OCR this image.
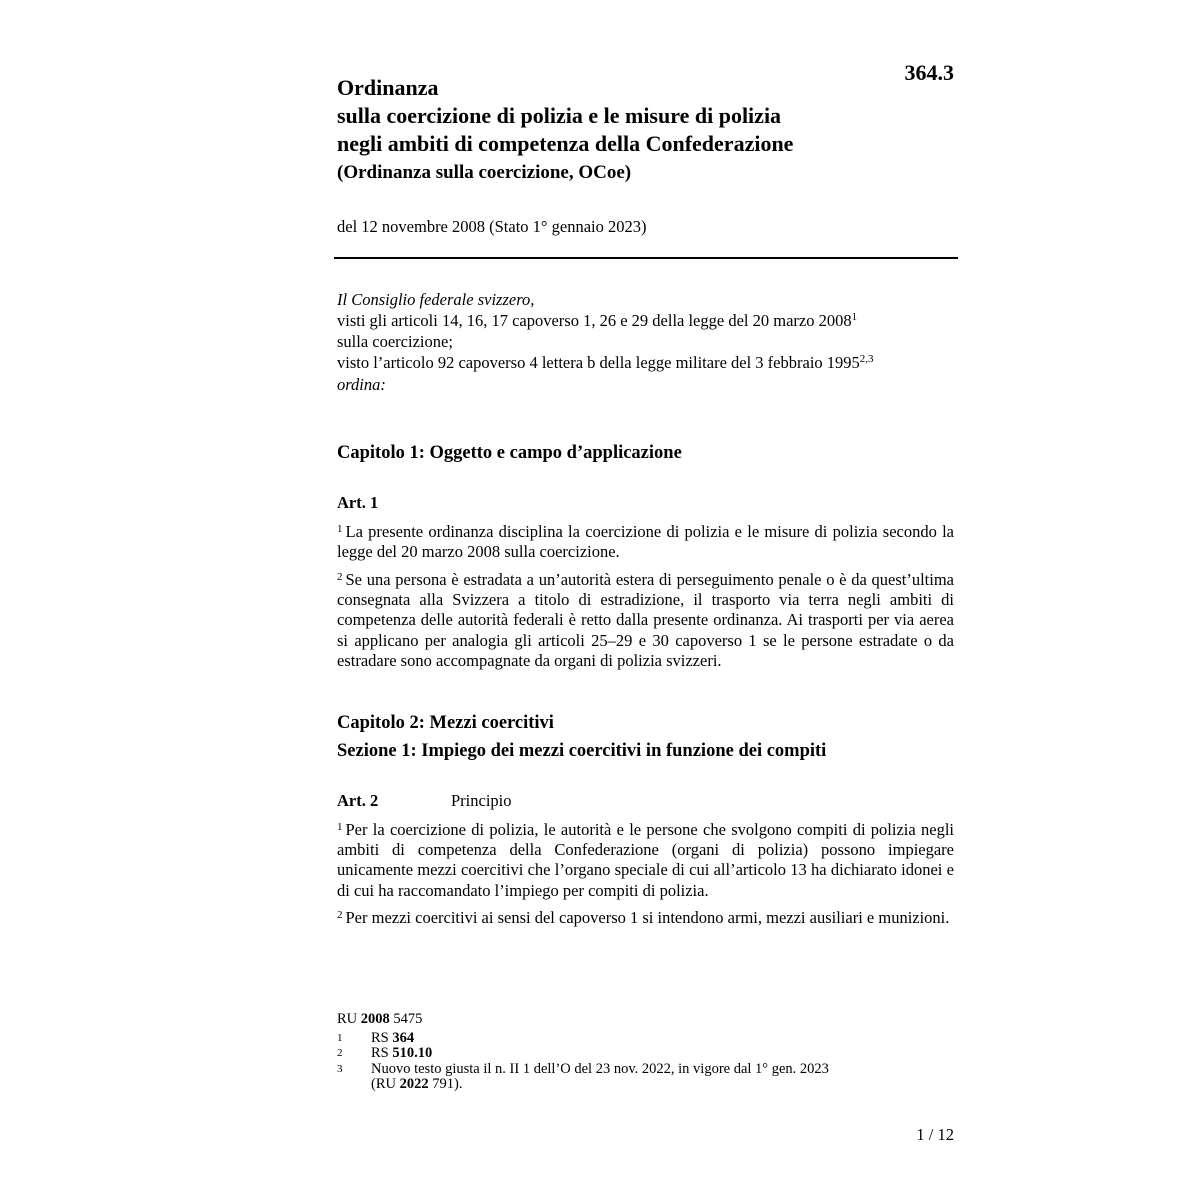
364.3
Ordinanza
sulla coercizione di polizia e le misure di polizia
negli ambiti di competenza della Confederazione
(Ordinanza sulla coercizione, OCoe)
del 12 novembre 2008 (Stato 1° gennaio 2023)
Il Consiglio federale svizzero,
visti gli articoli 14, 16, 17 capoverso 1, 26 e 29 della legge del 20 marzo 2008$^1$
sulla coercizione;
visto l’articolo 92 capoverso 4 lettera b della legge militare del 3 febbraio 1995$^{2,3}$
ordina:
Capitolo 1: Oggetto e campo d’applicazione
Art. 1
$^1$ La presente ordinanza disciplina la coercizione di polizia e le misure di polizia secondo la legge del 20 marzo 2008 sulla coercizione.
$^2$ Se una persona è estradata a un’autorità estera di perseguimento penale o è da quest’ultima consegnata alla Svizzera a titolo di estradizione, il trasporto via terra negli ambiti di competenza delle autorità federali è retto dalla presente ordinanza. Ai trasporti per via aerea si applicano per analogia gli articoli 25–29 e 30 capoverso 1 se le persone estradate o da estradare sono accompagnate da organi di polizia svizzeri.
Capitolo 2: Mezzi coercitivi
Sezione 1: Impiego dei mezzi coercitivi in funzione dei compiti
Art. 2	Principio
$^1$ Per la coercizione di polizia, le autorità e le persone che svolgono compiti di polizia negli ambiti di competenza della Confederazione (organi di polizia) possono impiegare unicamente mezzi coercitivi che l’organo speciale di cui all’articolo 13 ha dichiarato idonei e di cui ha raccomandato l’impiego per compiti di polizia.
$^2$ Per mezzi coercitivi ai sensi del capoverso 1 si intendono armi, mezzi ausiliari e munizioni.
RU 2008 5475
1	RS 364
2	RS 510.10
3	Nuovo testo giusta il n. II 1 dell’O del 23 nov. 2022, in vigore dal 1° gen. 2023
(RU 2022 791).
1 / 12
